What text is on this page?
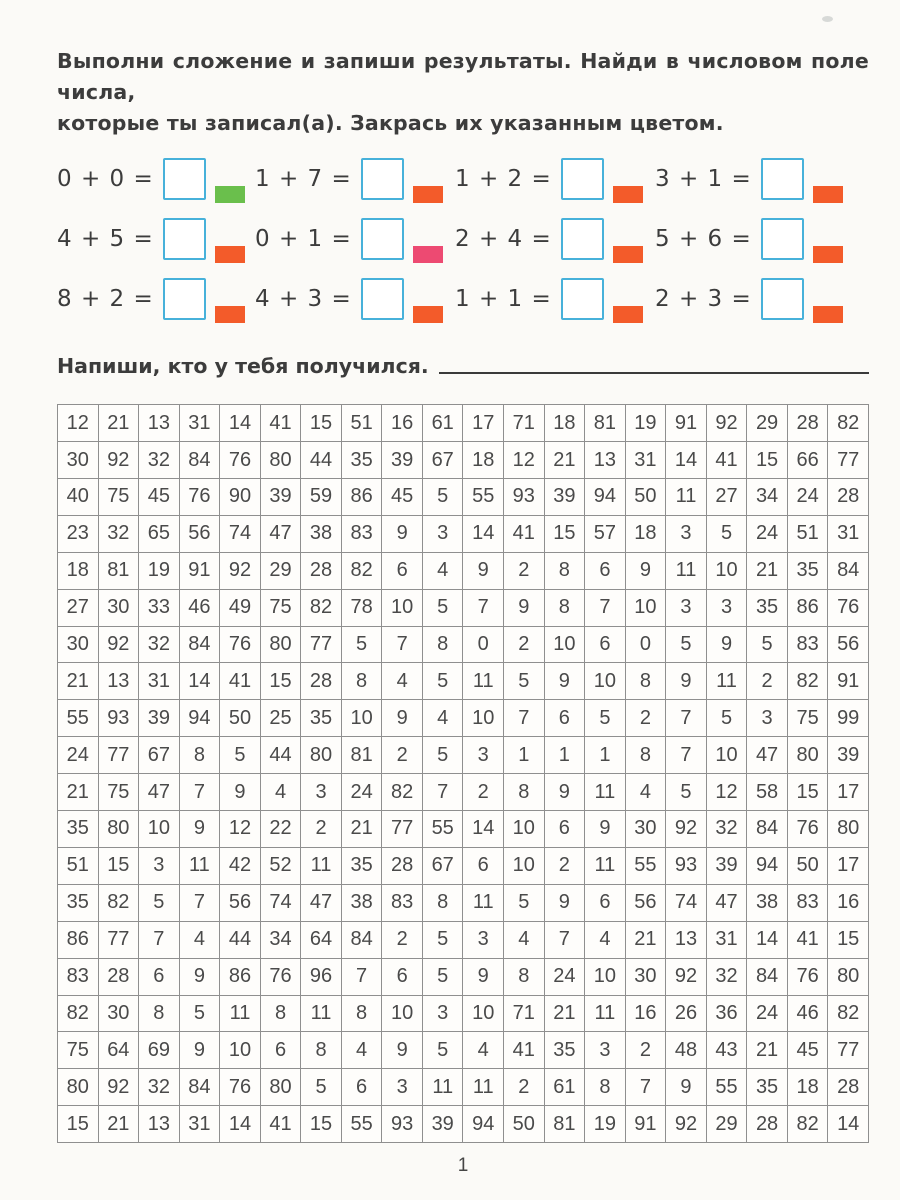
Выполни сложение и запиши результаты. Найди в числовом поле числа,
которые ты записал(а). Закрась их указанным цветом.
0 + 0 =	1 + 7 =	1 + 2 =	3 + 1 =
4 + 5 =	0 + 1 =	2 + 4 =	5 + 6 =
8 + 2 =	4 + 3 =	1 + 1 =	2 + 3 =
Напиши, кто у тебя получился.
12	21	13	31	14	41	15	51	16	61	17	71	18	81	19	91	92	29	28	82
30	92	32	84	76	80	44	35	39	67	18	12	21	13	31	14	41	15	66	77
40	75	45	76	90	39	59	86	45	5	55	93	39	94	50	11	27	34	24	28
23	32	65	56	74	47	38	83	9	3	14	41	15	57	18	3	5	24	51	31
18	81	19	91	92	29	28	82	6	4	9	2	8	6	9	11	10	21	35	84
27	30	33	46	49	75	82	78	10	5	7	9	8	7	10	3	3	35	86	76
30	92	32	84	76	80	77	5	7	8	0	2	10	6	0	5	9	5	83	56
21	13	31	14	41	15	28	8	4	5	11	5	9	10	8	9	11	2	82	91
55	93	39	94	50	25	35	10	9	4	10	7	6	5	2	7	5	3	75	99
24	77	67	8	5	44	80	81	2	5	3	1	1	1	8	7	10	47	80	39
21	75	47	7	9	4	3	24	82	7	2	8	9	11	4	5	12	58	15	17
35	80	10	9	12	22	2	21	77	55	14	10	6	9	30	92	32	84	76	80
51	15	3	11	42	52	11	35	28	67	6	10	2	11	55	93	39	94	50	17
35	82	5	7	56	74	47	38	83	8	11	5	9	6	56	74	47	38	83	16
86	77	7	4	44	34	64	84	2	5	3	4	7	4	21	13	31	14	41	15
83	28	6	9	86	76	96	7	6	5	9	8	24	10	30	92	32	84	76	80
82	30	8	5	11	8	11	8	10	3	10	71	21	11	16	26	36	24	46	82
75	64	69	9	10	6	8	4	9	5	4	41	35	3	2	48	43	21	45	77
80	92	32	84	76	80	5	6	3	11	11	2	61	8	7	9	55	35	18	28
15	21	13	31	14	41	15	55	93	39	94	50	81	19	91	92	29	28	82	14
1
